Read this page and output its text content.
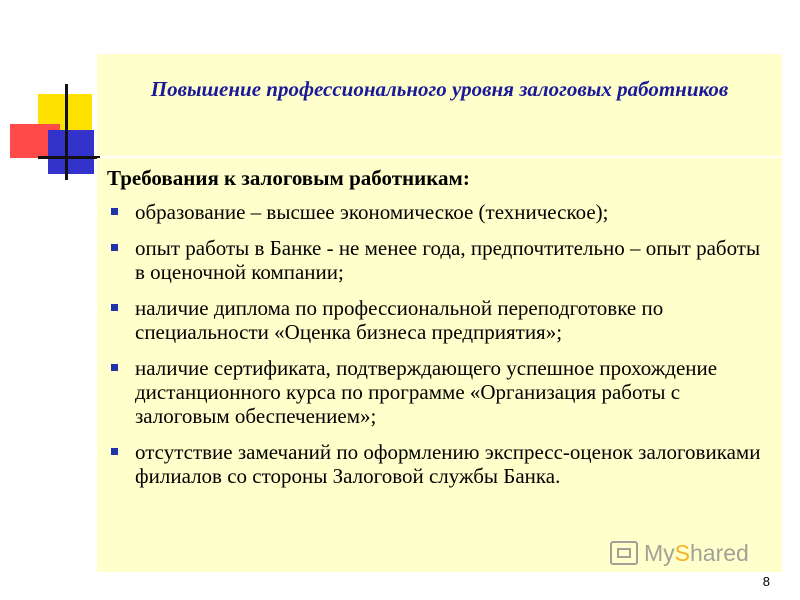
Повышение профессионального уровня залоговых работников
Требования к залоговым работникам:
образование – высшее экономическое (техническое);
опыт работы в Банке - не менее года, предпочтительно – опыт работы в оценочной компании;
наличие диплома по профессиональной переподготовке по специальности «Оценка бизнеса предприятия»;
наличие сертификата, подтверждающего успешное прохождение дистанционного курса по программе «Организация работы с залоговым обеспечением»;
отсутствие замечаний по оформлению экспресс-оценок залоговиками филиалов со стороны Залоговой службы Банка.
MyShared
8
